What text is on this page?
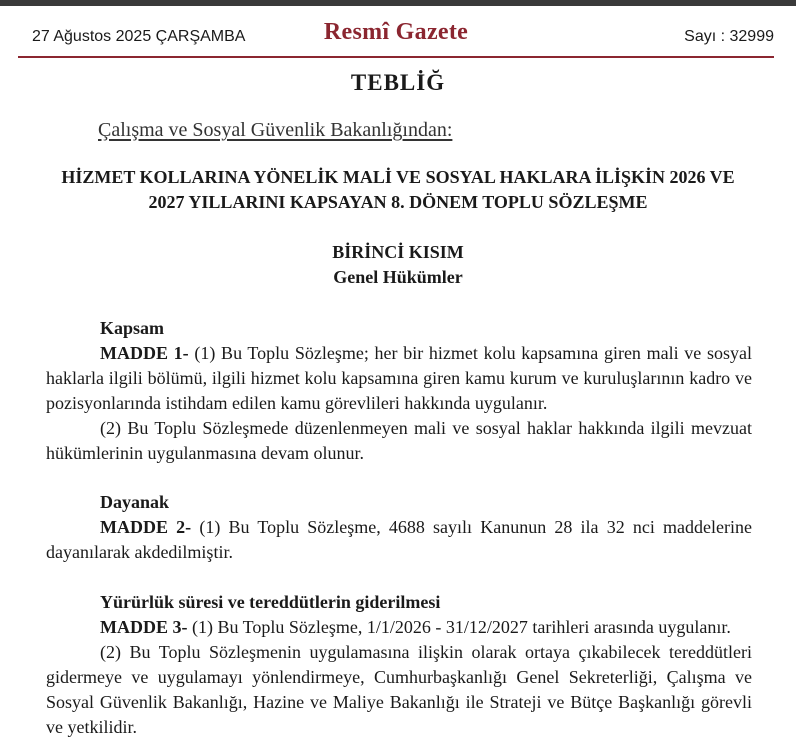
27 Ağustos 2025 ÇARŞAMBA	Resmî Gazete	Sayı : 32999
TEBLİĞ
Çalışma ve Sosyal Güvenlik Bakanlığından:
HİZMET KOLLARINA YÖNELİK MALİ VE SOSYAL HAKLARA İLİŞKİN 2026 VE
2027 YILLARINI KAPSAYAN 8. DÖNEM TOPLU SÖZLEŞME
BİRİNCİ KISIM
Genel Hükümler
Kapsam
MADDE 1- (1) Bu Toplu Sözleşme; her bir hizmet kolu kapsamına giren mali ve sosyal haklarla ilgili bölümü, ilgili hizmet kolu kapsamına giren kamu kurum ve kuruluşlarının kadro ve pozisyonlarında istihdam edilen kamu görevlileri hakkında uygulanır.
(2) Bu Toplu Sözleşmede düzenlenmeyen mali ve sosyal haklar hakkında ilgili mevzuat hükümlerinin uygulanmasına devam olunur.
Dayanak
MADDE 2- (1) Bu Toplu Sözleşme, 4688 sayılı Kanunun 28 ila 32 nci maddelerine dayanılarak akdedilmiştir.
Yürürlük süresi ve tereddütlerin giderilmesi
MADDE 3- (1) Bu Toplu Sözleşme, 1/1/2026 - 31/12/2027 tarihleri arasında uygulanır.
(2) Bu Toplu Sözleşmenin uygulamasına ilişkin olarak ortaya çıkabilecek tereddütleri gidermeye ve uygulamayı yönlendirmeye, Cumhurbaşkanlığı Genel Sekreterliği, Çalışma ve Sosyal Güvenlik Bakanlığı, Hazine ve Maliye Bakanlığı ile Strateji ve Bütçe Başkanlığı görevli ve yetkilidir.
